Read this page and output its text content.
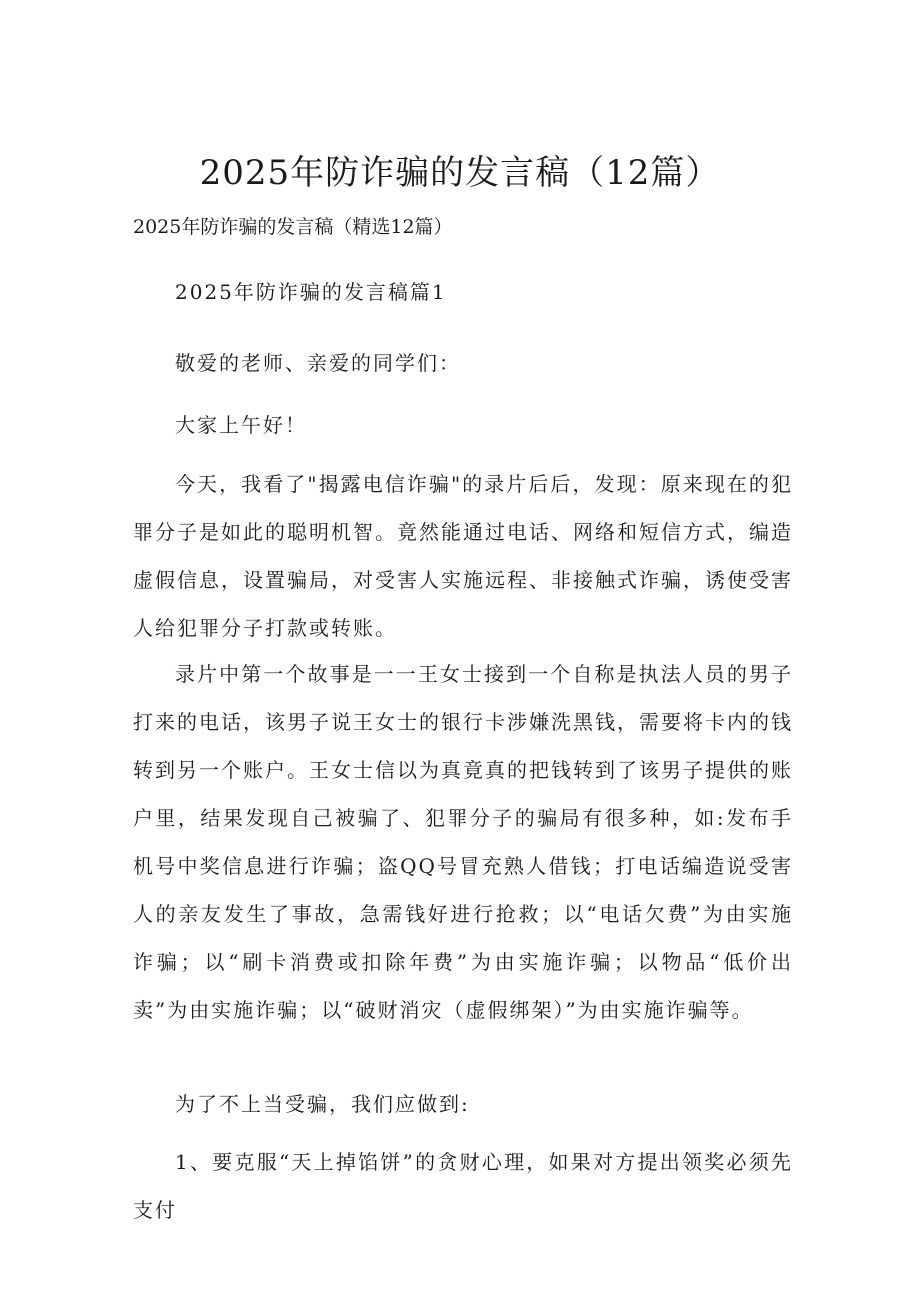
2025年防诈骗的发言稿（12篇）

2025年防诈骗的发言稿（精选12篇）

2025年防诈骗的发言稿篇1

敬爱的老师、亲爱的同学们：

大家上午好！

今天，我看了"揭露电信诈骗"的录片后后，发现：原来现在的犯罪分子是如此的聪明机智。竟然能通过电话、网络和短信方式，编造虚假信息，设置骗局，对受害人实施远程、非接触式诈骗，诱使受害人给犯罪分子打款或转账。

录片中第一个故事是一一王女士接到一个自称是执法人员的男子打来的电话，该男子说王女士的银行卡涉嫌洗黑钱，需要将卡内的钱转到另一个账户。王女士信以为真竟真的把钱转到了该男子提供的账户里，结果发现自己被骗了、犯罪分子的骗局有很多种，如:发布手机号中奖信息进行诈骗；盗QQ号冒充熟人借钱；打电话编造说受害人的亲友发生了事故，急需钱好进行抢救；以“电话欠费”为由实施诈骗；以“刷卡消费或扣除年费”为由实施诈骗；以物品“低价出卖”为由实施诈骗；以“破财消灾（虚假绑架）”为由实施诈骗等。

为了不上当受骗，我们应做到:

1、要克服“天上掉馅饼”的贪财心理，如果对方提出领奖必须先支付
